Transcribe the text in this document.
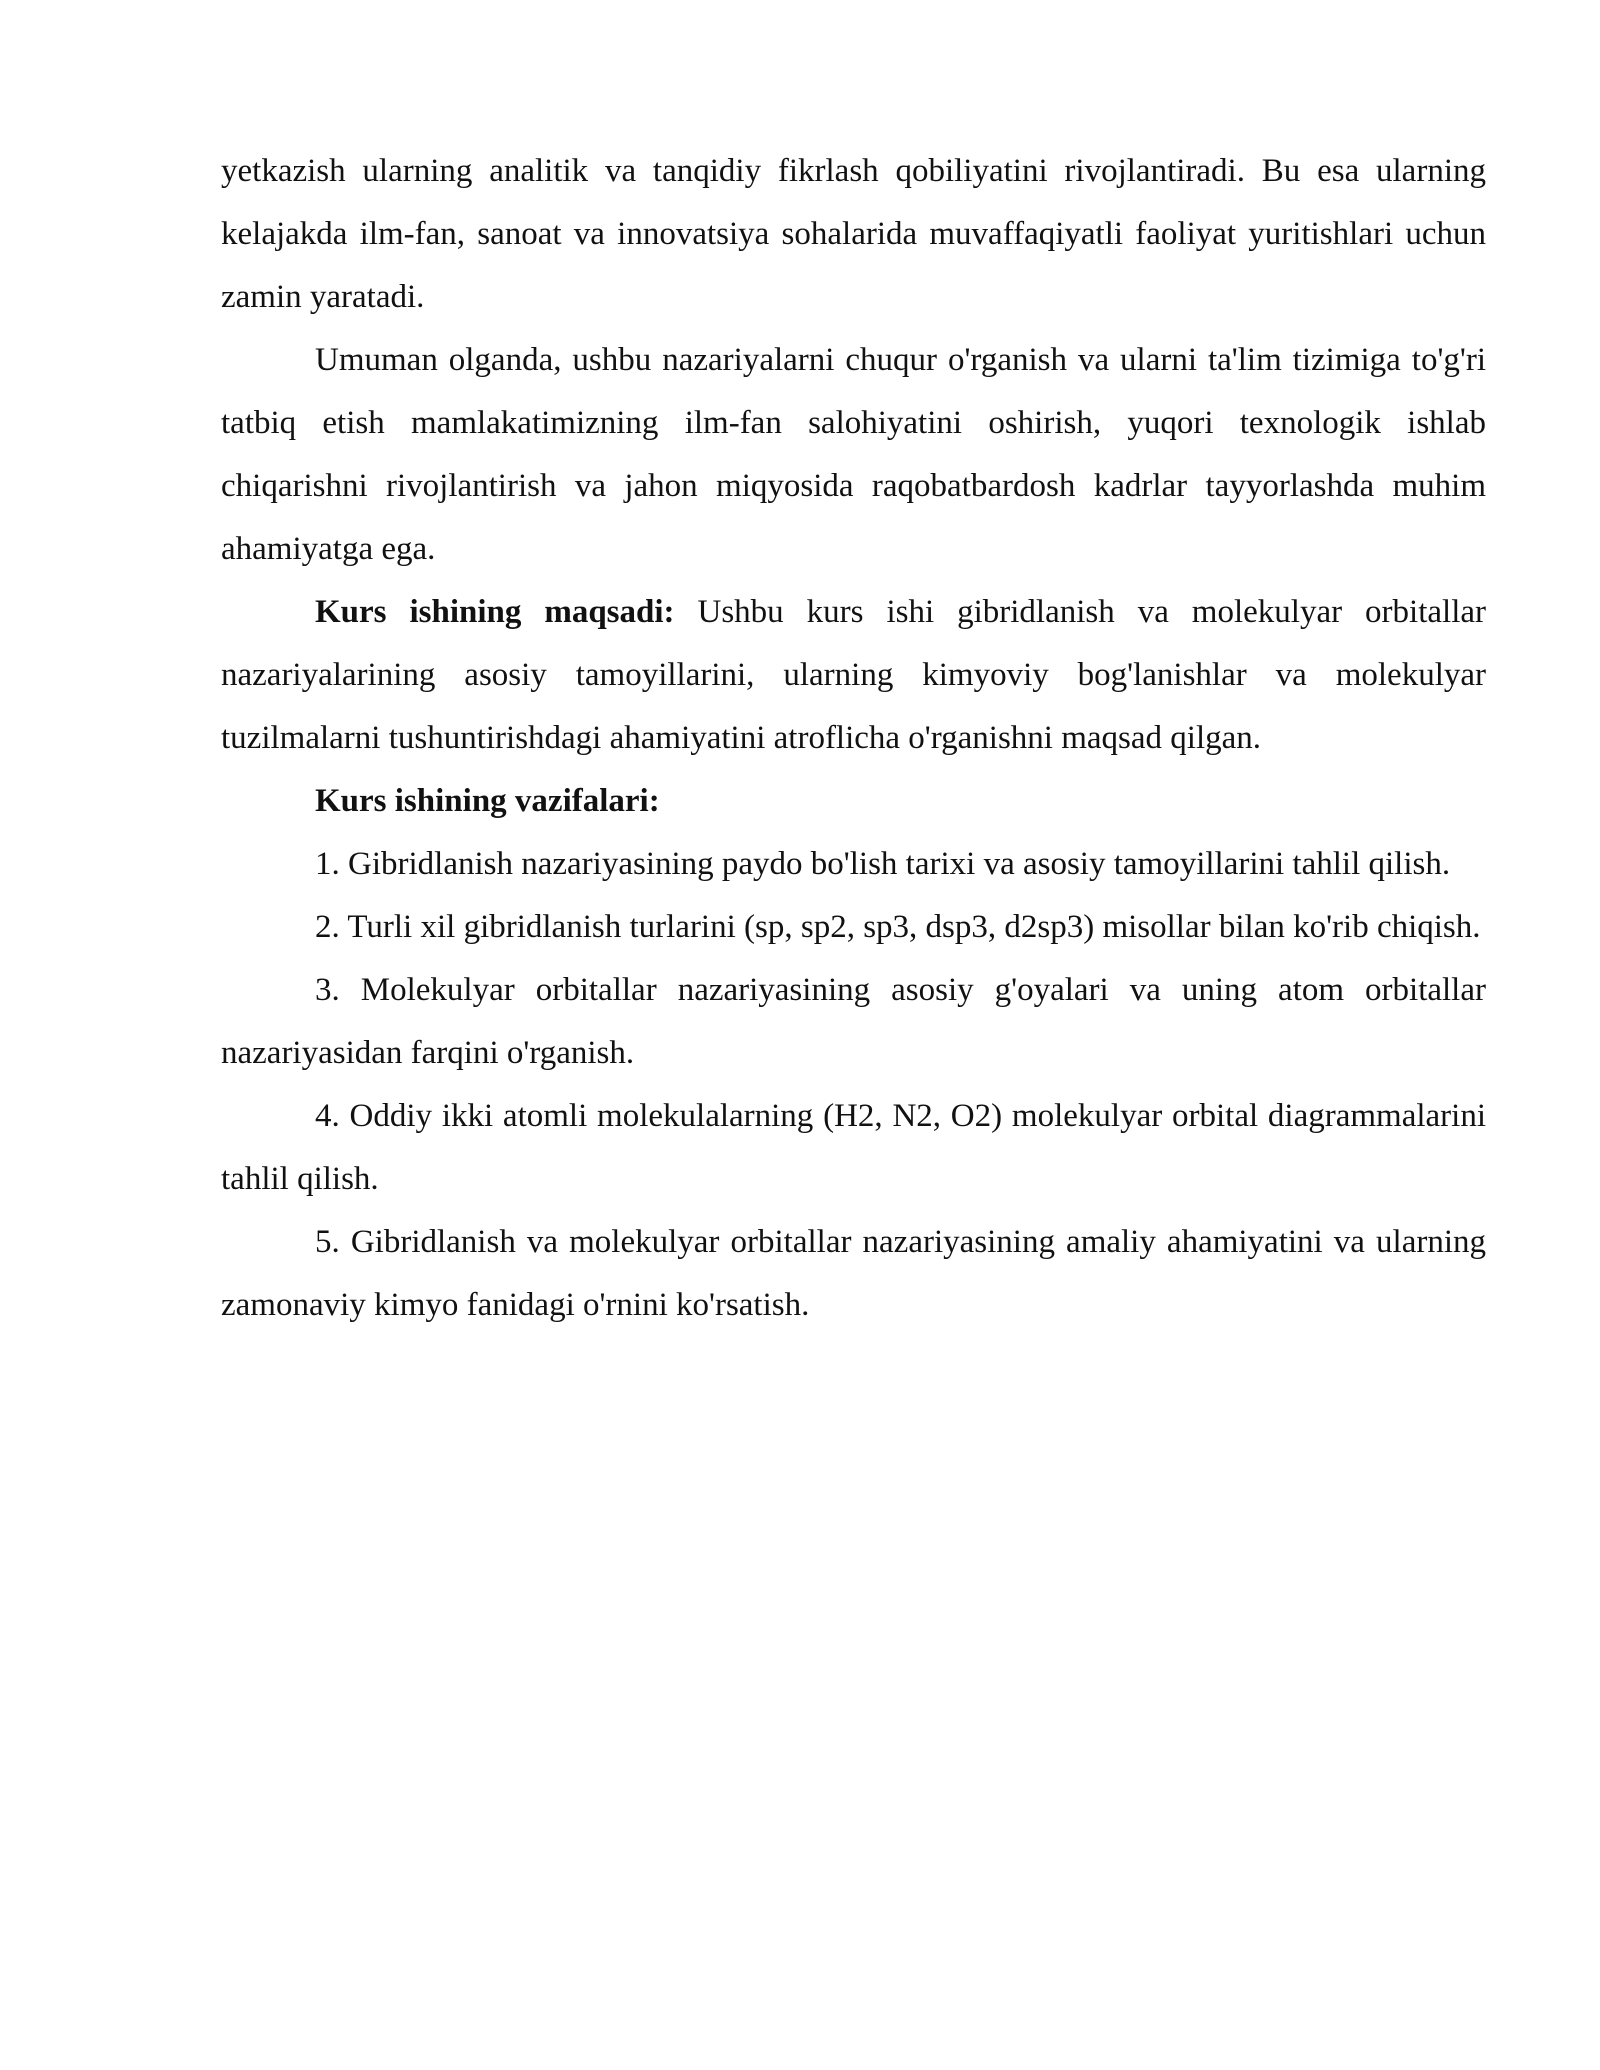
yetkazish ularning analitik va tanqidiy fikrlash qobiliyatini rivojlantiradi. Bu esa ularning kelajakda ilm-fan, sanoat va innovatsiya sohalarida muvaffaqiyatli faoliyat yuritishlari uchun zamin yaratadi.

Umuman olganda, ushbu nazariyalarni chuqur o'rganish va ularni ta'lim tizimiga to'g'ri tatbiq etish mamlakatimizning ilm-fan salohiyatini oshirish, yuqori texnologik ishlab chiqarishni rivojlantirish va jahon miqyosida raqobatbardosh kadrlar tayyorlashda muhim ahamiyatga ega.

Kurs ishining maqsadi: Ushbu kurs ishi gibridlanish va molekulyar orbitallar nazariyalarining asosiy tamoyillarini, ularning kimyoviy bog'lanishlar va molekulyar tuzilmalarni tushuntirishdagi ahamiyatini atroflicha o'rganishni maqsad qilgan.

Kurs ishining vazifalari:

1. Gibridlanish nazariyasining paydo bo'lish tarixi va asosiy tamoyillarini tahlil qilish.

2. Turli xil gibridlanish turlarini (sp, sp2, sp3, dsp3, d2sp3) misollar bilan ko'rib chiqish.

3. Molekulyar orbitallar nazariyasining asosiy g'oyalari va uning atom orbitallar nazariyasidan farqini o'rganish.

4. Oddiy ikki atomli molekulalarning (H2, N2, O2) molekulyar orbital diagrammalarini tahlil qilish.

5. Gibridlanish va molekulyar orbitallar nazariyasining amaliy ahamiyatini va ularning zamonaviy kimyo fanidagi o'rnini ko'rsatish.
